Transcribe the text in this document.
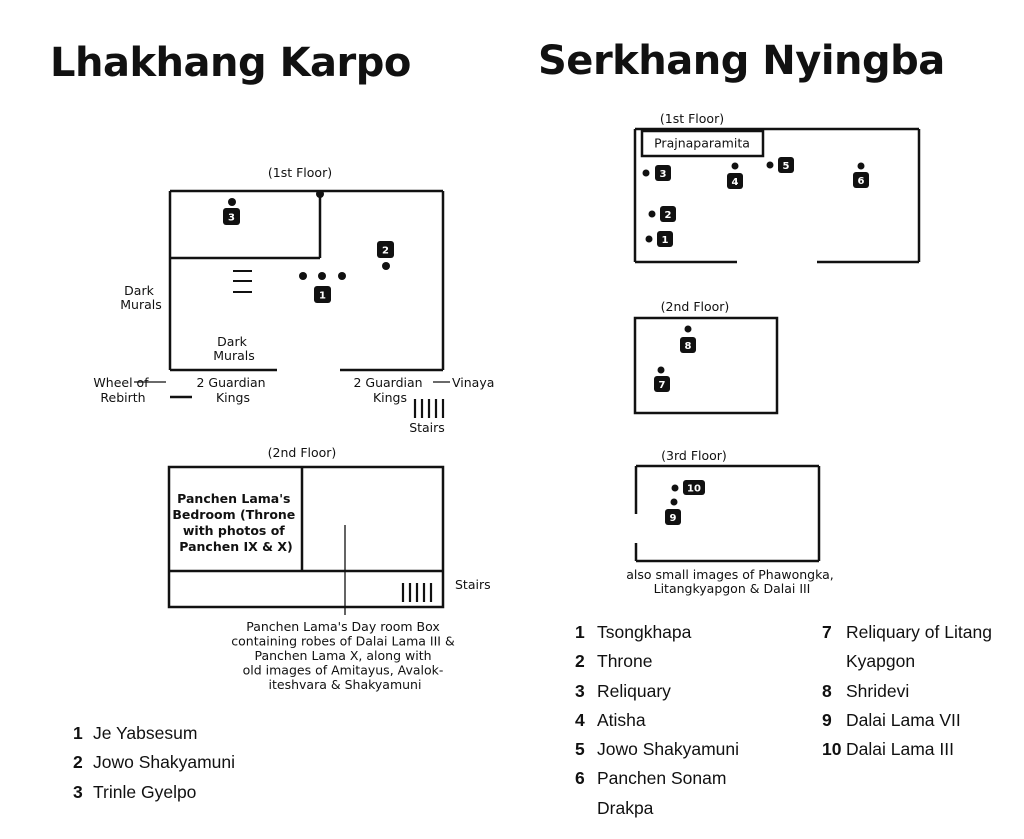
Lhakhang Karpo	Serkhang Nyingba
1
2
3
1
2
3
4
5
6
7
8
9
10
(1st Floor)
(2nd Floor)
Dark Murals
Dark Murals
Wheel of Rebirth
2 Guardian Kings
2 Guardian Kings
Vinaya
Stairs
Stairs
Panchen Lama's Bedroom (Throne with photos of Panchen IX & X)
Panchen Lama's Day room Box containing robes of Dalai Lama III & Panchen Lama X, along with old images of Amitayus, Avalok- iteshvara & Shakyamuni
(1st Floor)
Prajnaparamita
(2nd Floor)
(3rd Floor)
also small images of Phawongka, Litangkyapgon & Dalai III
1 Je Yabsesum
2 Jowo Shakyamuni
3 Trinle Gyelpo
1 Tsongkhapa
2 Throne
3 Reliquary
4 Atisha
5 Jowo Shakyamuni
6 Panchen Sonam
Drakpa
7 Reliquary of Litang
Kyapgon
8 Shridevi
9 Dalai Lama VII
10 Dalai Lama III
